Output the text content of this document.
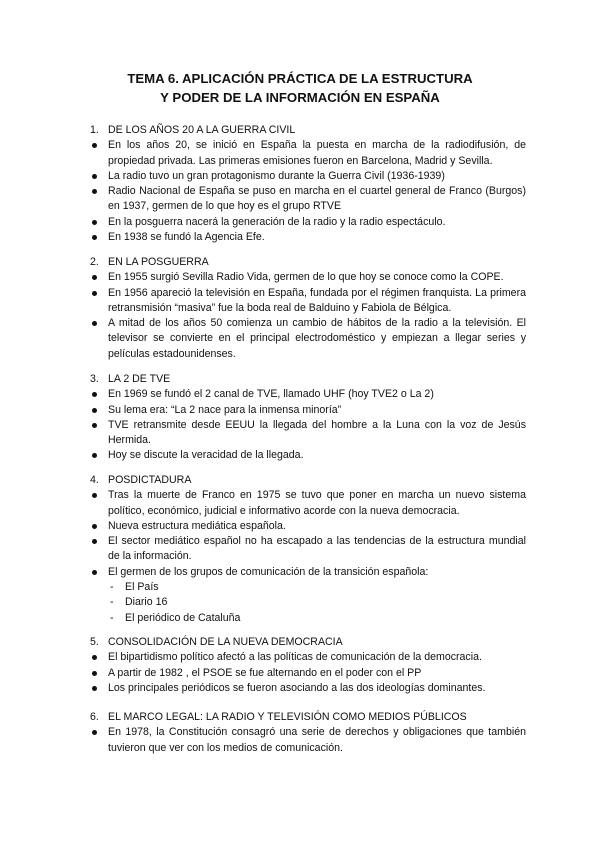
TEMA 6. APLICACIÓN PRÁCTICA DE LA ESTRUCTURA
Y PODER DE LA INFORMACIÓN EN ESPAÑA
1. DE LOS AÑOS 20 A LA GUERRA CIVIL
En los años 20, se inició en España la puesta en marcha de la radiodifusión, de propiedad privada. Las primeras emisiones fueron en Barcelona, Madrid y Sevilla.
La radio tuvo un gran protagonismo durante la Guerra Civil (1936-1939)
Radio Nacional de España se puso en marcha en el cuartel general de Franco (Burgos) en 1937, germen de lo que hoy es el grupo RTVE
En la posguerra nacerá la generación de la radio y la radio espectáculo.
En 1938 se fundó la Agencia Efe.
2. EN LA POSGUERRA
En 1955 surgió Sevilla Radio Vida, germen de lo que hoy se conoce como la COPE.
En 1956 apareció la televisión en España, fundada por el régimen franquista. La primera retransmisión “masiva” fue la boda real de Balduino y Fabiola de Bélgica.
A mitad de los años 50 comienza un cambio de hábitos de la radio a la televisión. El televisor se convierte en el principal electrodoméstico y empiezan a llegar series y películas estadounidenses.
3. LA 2 DE TVE
En 1969 se fundó el 2 canal de TVE, llamado UHF (hoy TVE2 o La 2)
Su lema era: “La 2 nace para la inmensa minoría”
TVE retransmite desde EEUU la llegada del hombre a la Luna con la voz de Jesús Hermida.
Hoy se discute la veracidad de la llegada.
4. POSDICTADURA
Tras la muerte de Franco en 1975 se tuvo que poner en marcha un nuevo sistema político, económico, judicial e informativo acorde con la nueva democracia.
Nueva estructura mediática española.
El sector mediático español no ha escapado a las tendencias de la estructura mundial de la información.
El germen de los grupos de comunicación de la transición española:
- El País
- Diario 16
- El periódico de Cataluña
5. CONSOLIDACIÓN DE LA NUEVA DEMOCRACIA
El bipartidismo político afectó a las políticas de comunicación de la democracia.
A partir de 1982 , el PSOE se fue alternando en el poder con el PP
Los principales periódicos se fueron asociando a las dos ideologías dominantes.
6. EL MARCO LEGAL: LA RADIO Y TELEVISIÓN COMO MEDIOS PÚBLICOS
En 1978, la Constitución consagró una serie de derechos y obligaciones que también tuvieron que ver con los medios de comunicación.
